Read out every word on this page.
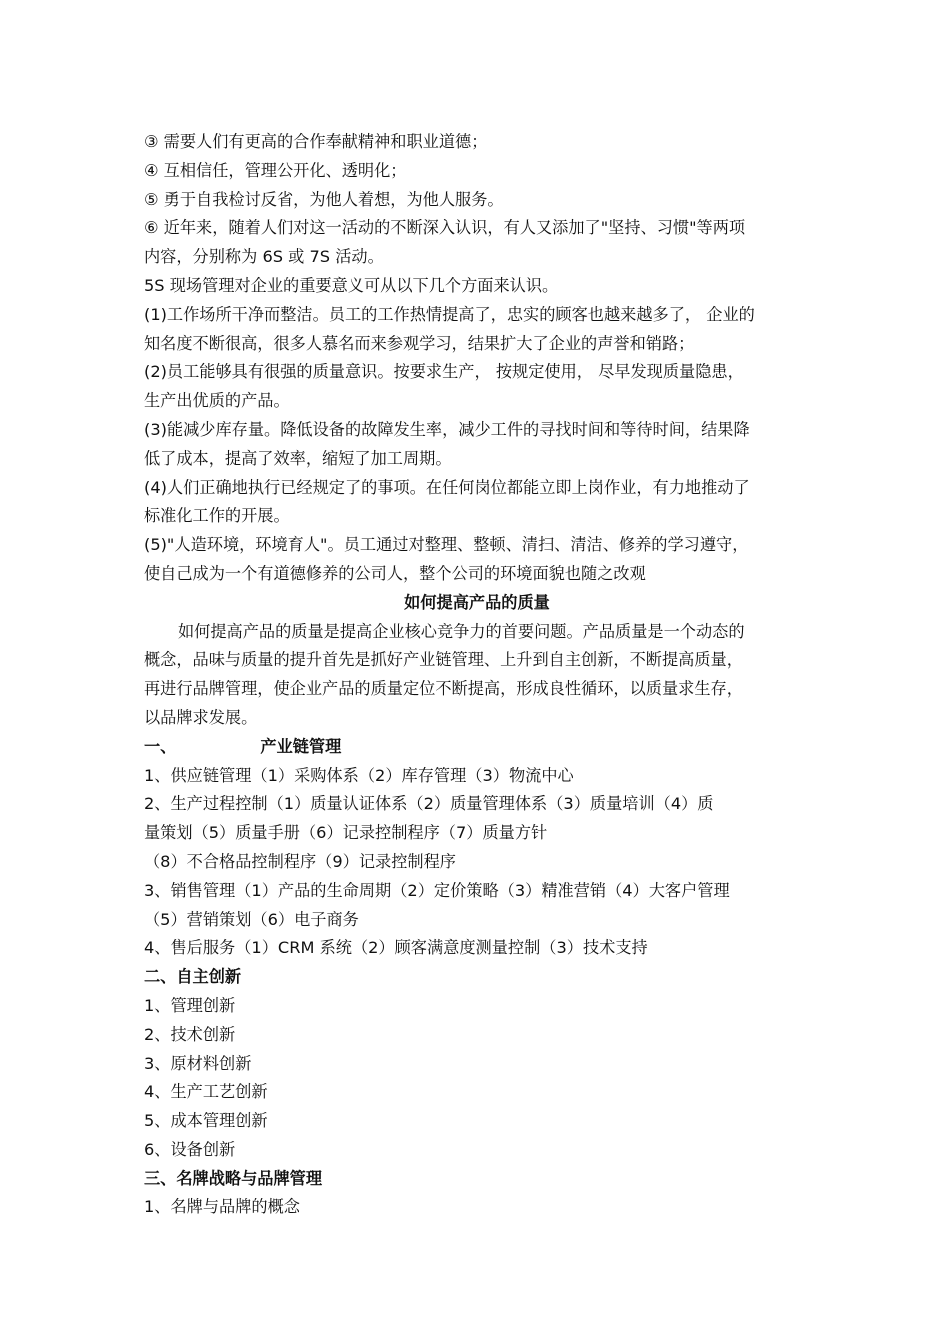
③ 需要人们有更高的合作奉献精神和职业道德；
④ 互相信任，管理公开化、透明化；
⑤ 勇于自我检讨反省，为他人着想，为他人服务。
⑥ 近年来，随着人们对这一活动的不断深入认识，有人又添加了"坚持、习惯"等两项
内容，分别称为 6S 或 7S 活动。
5S 现场管理对企业的重要意义可从以下几个方面来认识。
(1)工作场所干净而整洁。员工的工作热情提高了，忠实的顾客也越来越多了， 企业的
知名度不断很高，很多人慕名而来参观学习，结果扩大了企业的声誉和销路；
(2)员工能够具有很强的质量意识。按要求生产， 按规定使用， 尽早发现质量隐患，
生产出优质的产品。
(3)能减少库存量。降低设备的故障发生率，减少工件的寻找时间和等待时间，结果降
低了成本，提高了效率，缩短了加工周期。
(4)人们正确地执行已经规定了的事项。在任何岗位都能立即上岗作业，有力地推动了
标准化工作的开展。
(5)"人造环境，环境育人"。员工通过对整理、整顿、清扫、清洁、修养的学习遵守，
使自己成为一个有道德修养的公司人，整个公司的环境面貌也随之改观
如何提高产品的质量
如何提高产品的质量是提高企业核心竞争力的首要问题。产品质量是一个动态的
概念，品味与质量的提升首先是抓好产业链管理、上升到自主创新，不断提高质量，
再进行品牌管理，使企业产品的质量定位不断提高，形成良性循环，以质量求生存，
以品牌求发展。
一、	产业链管理
1、供应链管理（1）采购体系（2）库存管理（3）物流中心
2、生产过程控制（1）质量认证体系（2）质量管理体系（3）质量培训（4）质
量策划（5）质量手册（6）记录控制程序（7）质量方针
（8）不合格品控制程序（9）记录控制程序
3、销售管理（1）产品的生命周期（2）定价策略（3）精准营销（4）大客户管理
（5）营销策划（6）电子商务
4、售后服务（1）CRM 系统（2）顾客满意度测量控制（3）技术支持
二、自主创新
1、管理创新
2、技术创新
3、原材料创新
4、生产工艺创新
5、成本管理创新
6、设备创新
三、名牌战略与品牌管理
1、名牌与品牌的概念
